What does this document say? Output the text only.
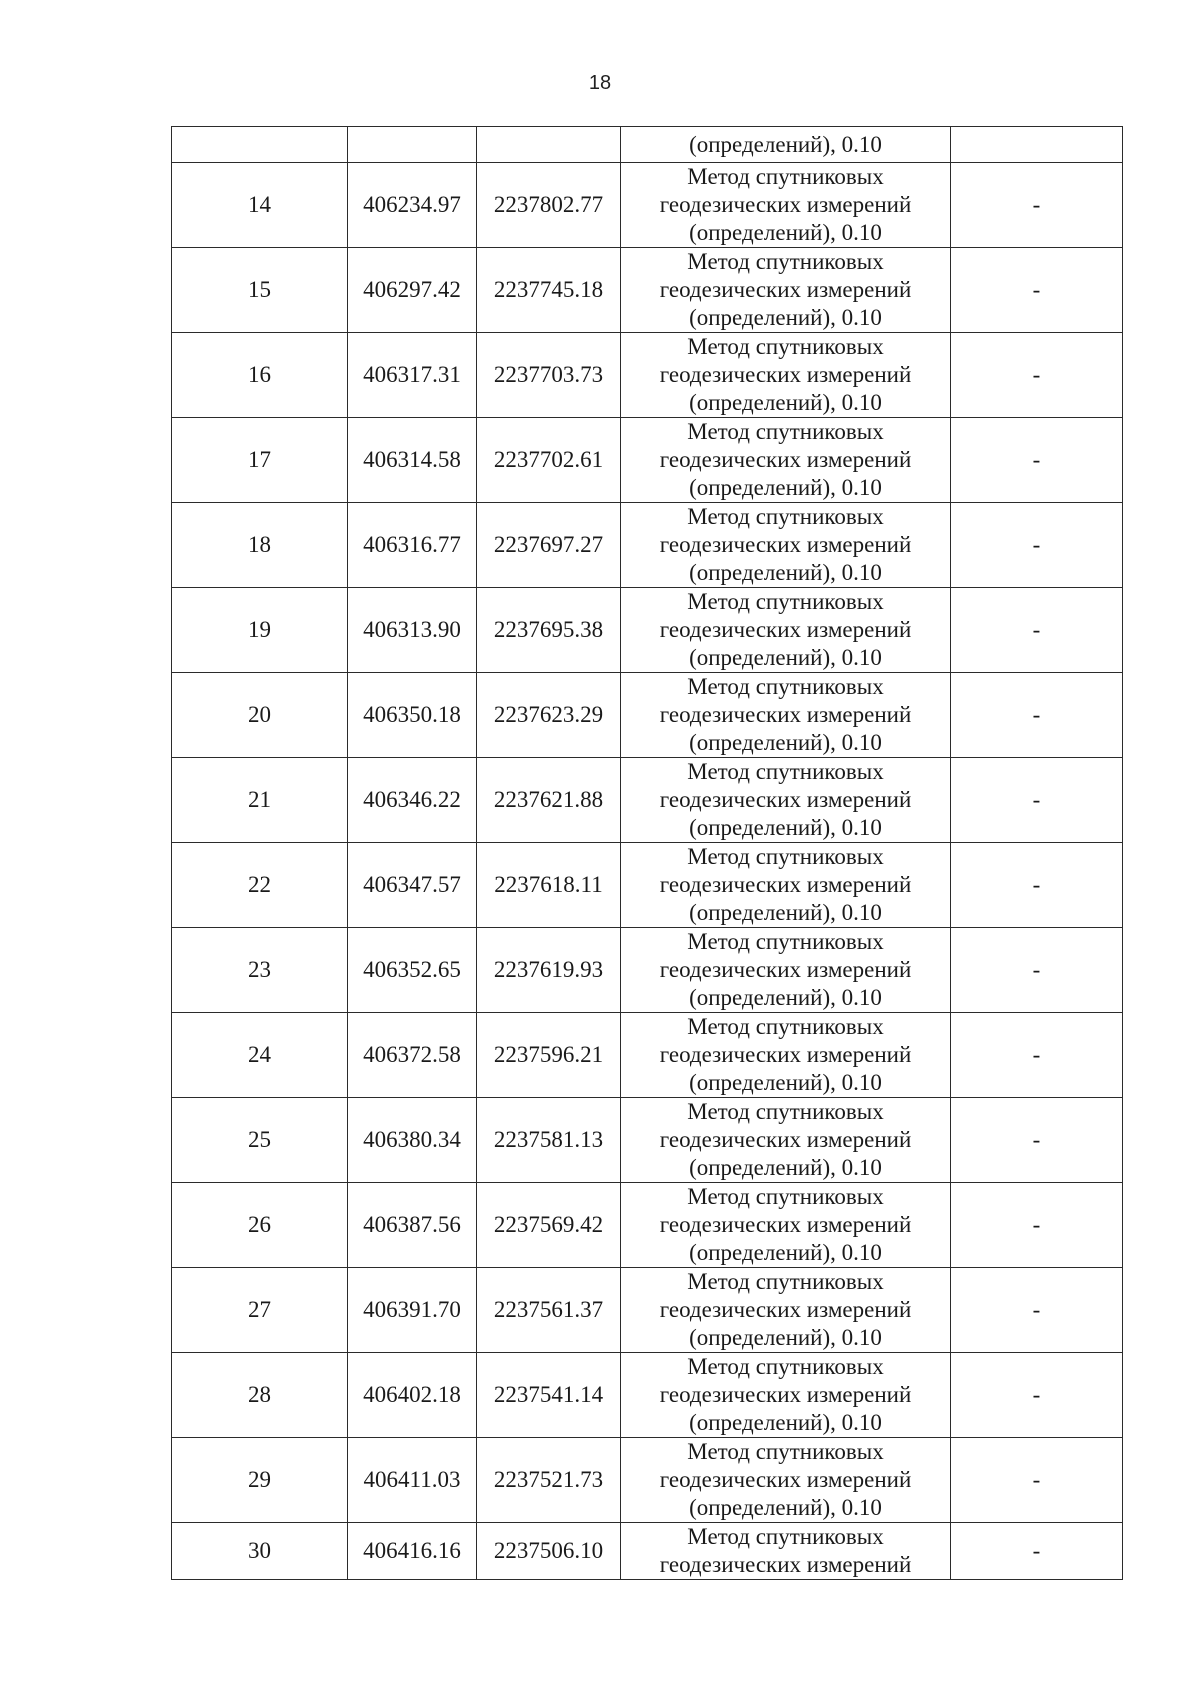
18
			(определений), 0.10	
14	406234.97	2237802.77	Метод спутниковых
геодезических измерений
(определений), 0.10	-
15	406297.42	2237745.18	Метод спутниковых
геодезических измерений
(определений), 0.10	-
16	406317.31	2237703.73	Метод спутниковых
геодезических измерений
(определений), 0.10	-
17	406314.58	2237702.61	Метод спутниковых
геодезических измерений
(определений), 0.10	-
18	406316.77	2237697.27	Метод спутниковых
геодезических измерений
(определений), 0.10	-
19	406313.90	2237695.38	Метод спутниковых
геодезических измерений
(определений), 0.10	-
20	406350.18	2237623.29	Метод спутниковых
геодезических измерений
(определений), 0.10	-
21	406346.22	2237621.88	Метод спутниковых
геодезических измерений
(определений), 0.10	-
22	406347.57	2237618.11	Метод спутниковых
геодезических измерений
(определений), 0.10	-
23	406352.65	2237619.93	Метод спутниковых
геодезических измерений
(определений), 0.10	-
24	406372.58	2237596.21	Метод спутниковых
геодезических измерений
(определений), 0.10	-
25	406380.34	2237581.13	Метод спутниковых
геодезических измерений
(определений), 0.10	-
26	406387.56	2237569.42	Метод спутниковых
геодезических измерений
(определений), 0.10	-
27	406391.70	2237561.37	Метод спутниковых
геодезических измерений
(определений), 0.10	-
28	406402.18	2237541.14	Метод спутниковых
геодезических измерений
(определений), 0.10	-
29	406411.03	2237521.73	Метод спутниковых
геодезических измерений
(определений), 0.10	-
30	406416.16	2237506.10	Метод спутниковых
геодезических измерений	-
